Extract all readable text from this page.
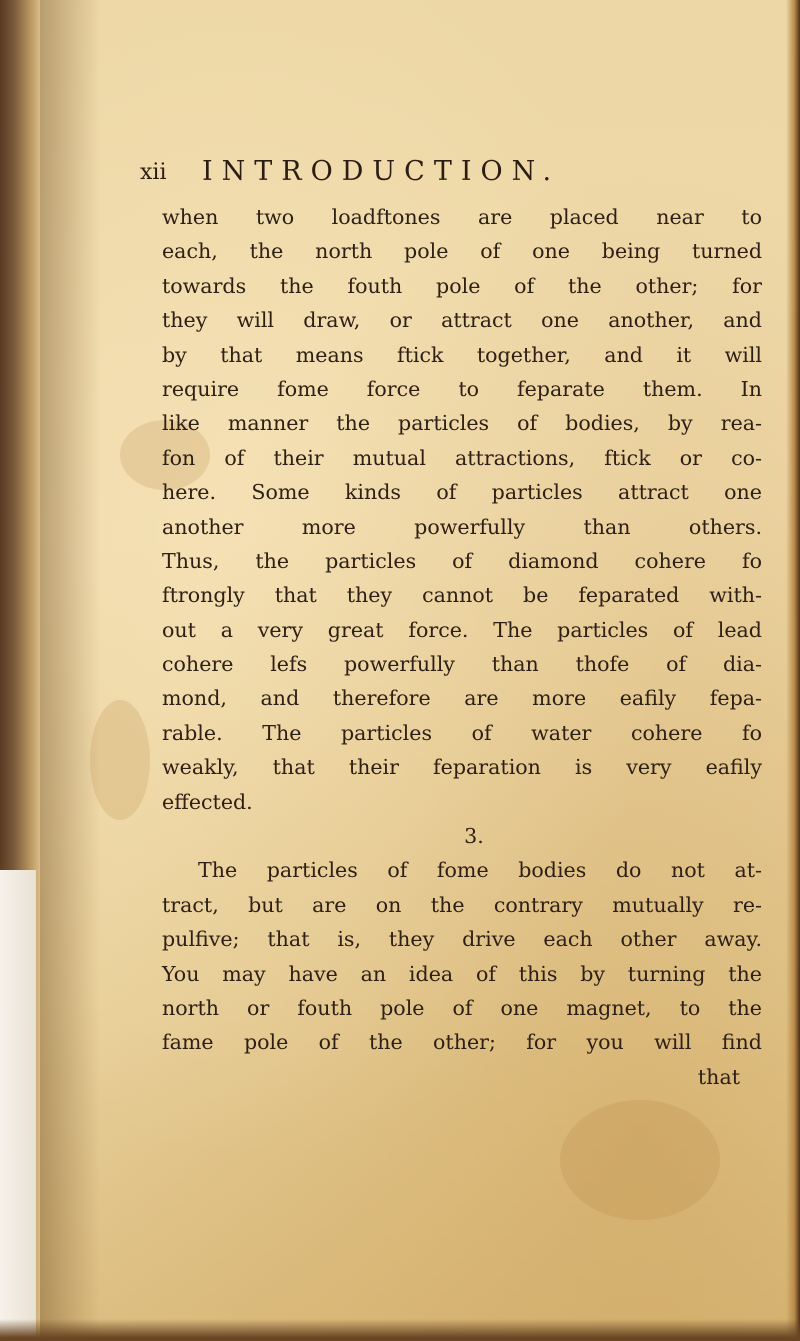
xii INTRODUCTION.
when two loadftones are placed near to
each, the north pole of one being turned
towards the fouth pole of the other; for
they will draw, or attract one another, and
by that means ftick together, and it will
require fome force to feparate them. In
like manner the particles of bodies, by rea-
fon of their mutual attractions, ftick or co-
here. Some kinds of particles attract one
another more powerfully than others.
Thus, the particles of diamond cohere fo
ftrongly that they cannot be feparated with-
out a very great force. The particles of lead
cohere lefs powerfully than thofe of dia-
mond, and therefore are more eafily fepa-
rable. The particles of water cohere fo
weakly, that their feparation is very eafily
effected.
3.
The particles of fome bodies do not at-
tract, but are on the contrary mutually re-
pulfive; that is, they drive each other away.
You may have an idea of this by turning the
north or fouth pole of one magnet, to the
fame pole of the other; for you will find
that
